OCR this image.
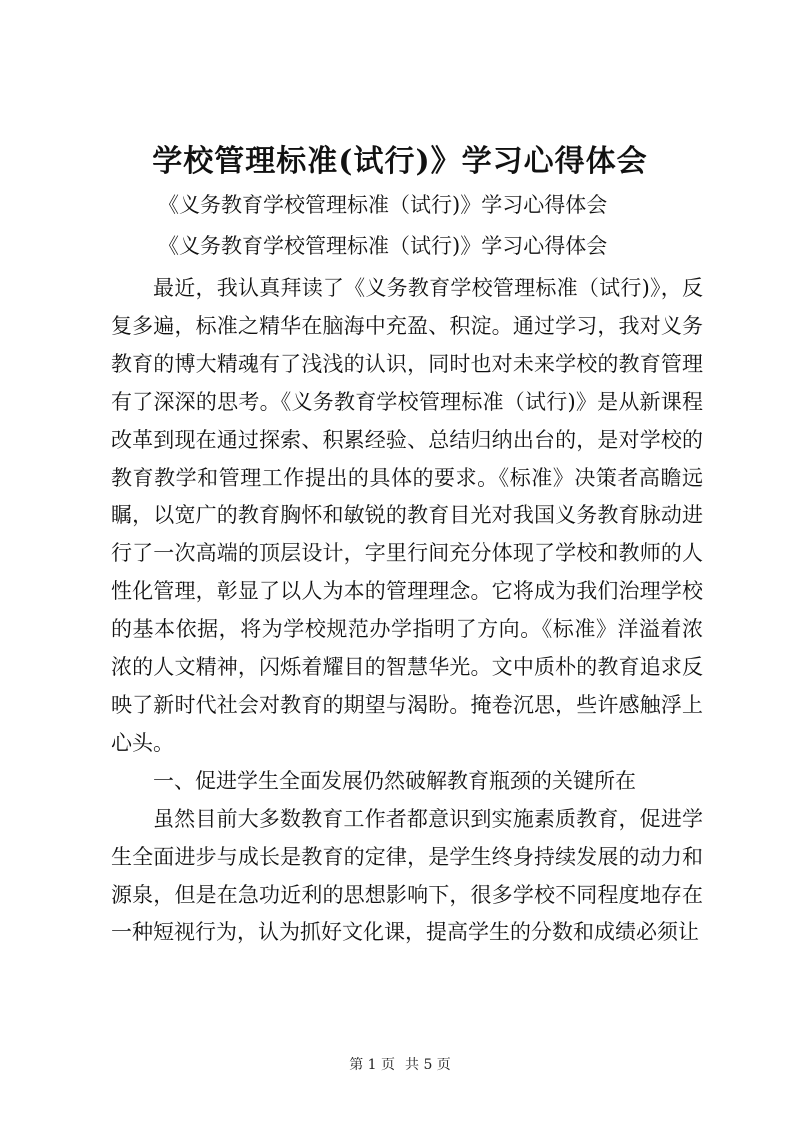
学校管理标准(试行)》学习心得体会
《义务教育学校管理标准（试行)》学习心得体会
《义务教育学校管理标准（试行)》学习心得体会

最近，我认真拜读了《义务教育学校管理标准（试行)》，反复多遍，标准之精华在脑海中充盈、积淀。通过学习，我对义务教育的博大精魂有了浅浅的认识，同时也对未来学校的教育管理有了深深的思考。《义务教育学校管理标准（试行)》是从新课程改革到现在通过探索、积累经验、总结归纳出台的，是对学校的教育教学和管理工作提出的具体的要求。《标准》决策者高瞻远瞩，以宽广的教育胸怀和敏锐的教育目光对我国义务教育脉动进行了一次高端的顶层设计，字里行间充分体现了学校和教师的人性化管理，彰显了以人为本的管理理念。它将成为我们治理学校的基本依据，将为学校规范办学指明了方向。《标准》洋溢着浓浓的人文精神，闪烁着耀目的智慧华光。文中质朴的教育追求反映了新时代社会对教育的期望与渴盼。掩卷沉思，些许感触浮上心头。

一、促进学生全面发展仍然破解教育瓶颈的关键所在

虽然目前大多数教育工作者都意识到实施素质教育，促进学生全面进步与成长是教育的定律，是学生终身持续发展的动力和源泉，但是在急功近利的思想影响下，很多学校不同程度地存在一种短视行为，认为抓好文化课，提高学生的分数和成绩必须让

第 1 页 共 5 页
